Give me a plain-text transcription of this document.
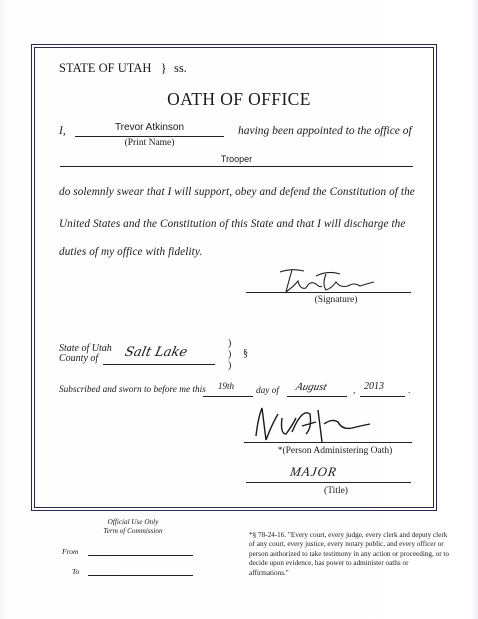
STATE OF UTAH } ss.
OATH OF OFFICE
I,	Trevor Atkinson
(Print Name)
having been appointed to the office of
Trooper
do solemnly swear that I will support, obey and defend the Constitution of the
United States and the Constitution of this State and that I will discharge the
duties of my office with fidelity.
(Signature)
State of Utah
County of Salt Lake
)
)
)
§
Subscribed and sworn to before me this 19th day of August	, 2013	.
*(Person Administering Oath)
MAJOR
(Title)
Official Use Only
Term of Commission
From
To
*§ 78-24-16. "Every court, every judge, every clerk and deputy clerk of any court, every justice, every notary public, and every officer or person authorized to take testimony in any action or proceeding, or to decide upon evidence, has power to administer oaths or affirmations."
